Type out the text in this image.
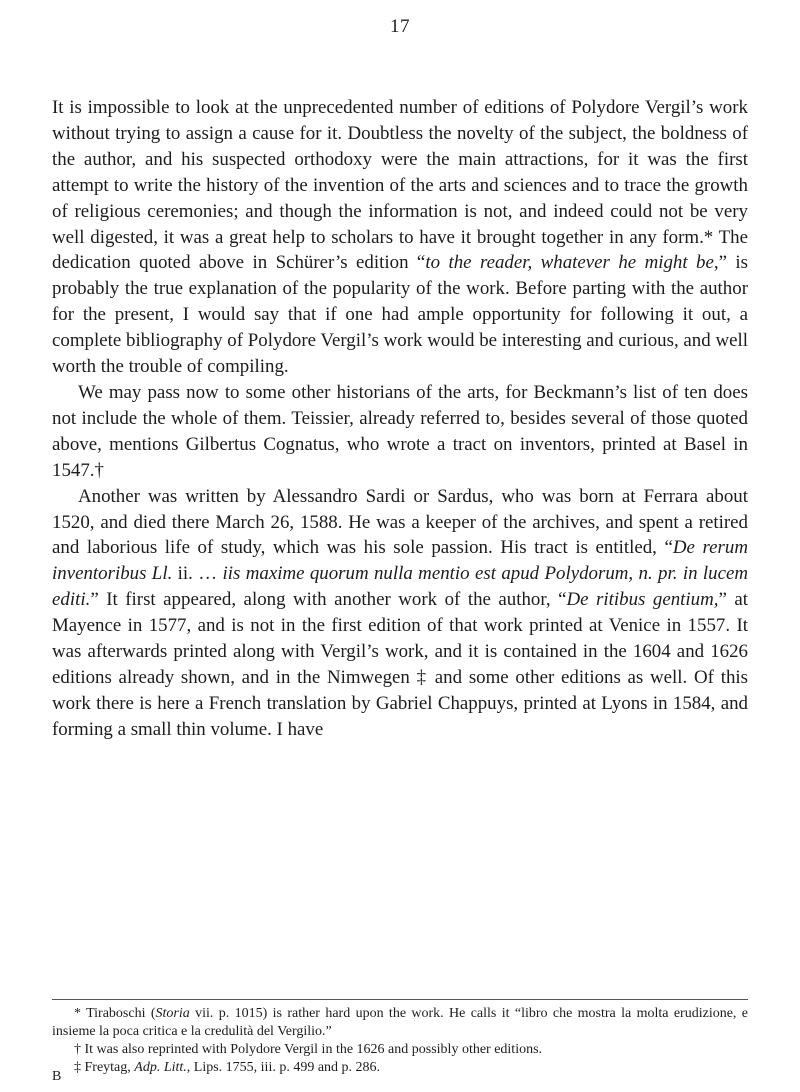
17

It is impossible to look at the unprecedented number of editions of Polydore Vergil’s work without trying to assign a cause for it. Doubtless the novelty of the subject, the boldness of the author, and his suspected orthodoxy were the main attractions, for it was the first attempt to write the history of the invention of the arts and sciences and to trace the growth of religious ceremonies; and though the information is not, and indeed could not be very well digested, it was a great help to scholars to have it brought together in any form.* The dedication quoted above in Schürer’s edition “to the reader, whatever he might be,” is probably the true explanation of the popularity of the work. Before parting with the author for the present, I would say that if one had ample opportunity for following it out, a complete bibliography of Polydore Vergil’s work would be interesting and curious, and well worth the trouble of compiling.

We may pass now to some other historians of the arts, for Beckmann’s list of ten does not include the whole of them. Teissier, already referred to, besides several of those quoted above, mentions Gilbertus Cognatus, who wrote a tract on inventors, printed at Basel in 1547.†

Another was written by Alessandro Sardi or Sardus, who was born at Ferrara about 1520, and died there March 26, 1588. He was a keeper of the archives, and spent a retired and laborious life of study, which was his sole passion. His tract is entitled, “De rerum inventoribus Ll. ii. … iis maxime quorum nulla mentio est apud Polydorum, n. pr. in lucem editi.” It first appeared, along with another work of the author, “De ritibus gentium,” at Mayence in 1577, and is not in the first edition of that work printed at Venice in 1557. It was afterwards printed along with Vergil’s work, and it is contained in the 1604 and 1626 editions already shown, and in the Nimwegen ‡ and some other editions as well. Of this work there is here a French translation by Gabriel Chappuys, printed at Lyons in 1584, and forming a small thin volume. I have

* Tiraboschi (Storia vii. p. 1015) is rather hard upon the work. He calls it “libro che mostra la molta erudizione, e insieme la poca critica e la credulità del Vergilio.”

† It was also reprinted with Polydore Vergil in the 1626 and possibly other editions.

‡ Freytag, Adp. Litt., Lips. 1755, iii. p. 499 and p. 286.

B
